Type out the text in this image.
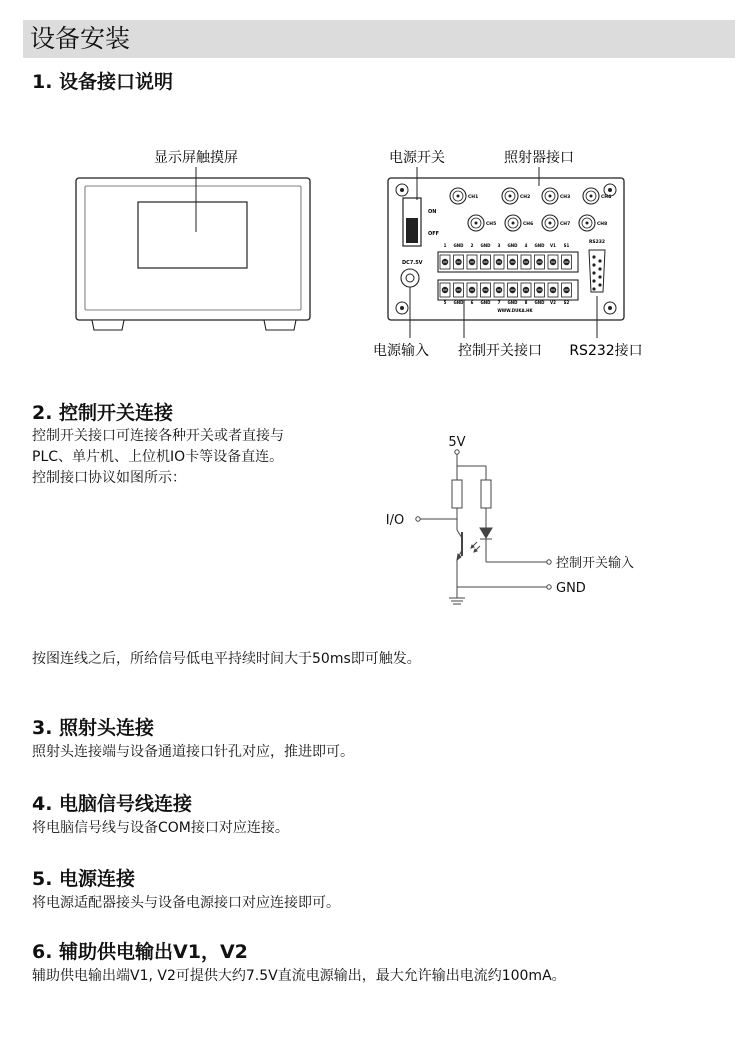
设备安装
1. 设备接口说明
显示屏触摸屏	电源开关	照射器接口
ON
OFF
CH1	CH2	CH3	CH4
CH5	CH6	CH7	CH8
DC7.5V
1 GND 2 GND 3 GND 4 GND V1 S1
5 GND 6 GND 7 GND 8 GND V2 S2
WWW.DUKA.HK
RS232
电源输入 控制开关接口 RS232接口
5V
I/O
控制开关输入
GND
2. 控制开关连接
控制开关接口可连接各种开关或者直接与
PLC、单片机、上位机IO卡等设备直连。
控制接口协议如图所示：
按图连线之后，所给信号低电平持续时间大于50ms即可触发。
3. 照射头连接
照射头连接端与设备通道接口针孔对应，推进即可。
4. 电脑信号线连接
将电脑信号线与设备COM接口对应连接。
5. 电源连接
将电源适配器接头与设备电源接口对应连接即可。
6. 辅助供电输出V1，V2
辅助供电输出端V1, V2可提供大约7.5V直流电源输出，最大允许输出电流约100mA。
